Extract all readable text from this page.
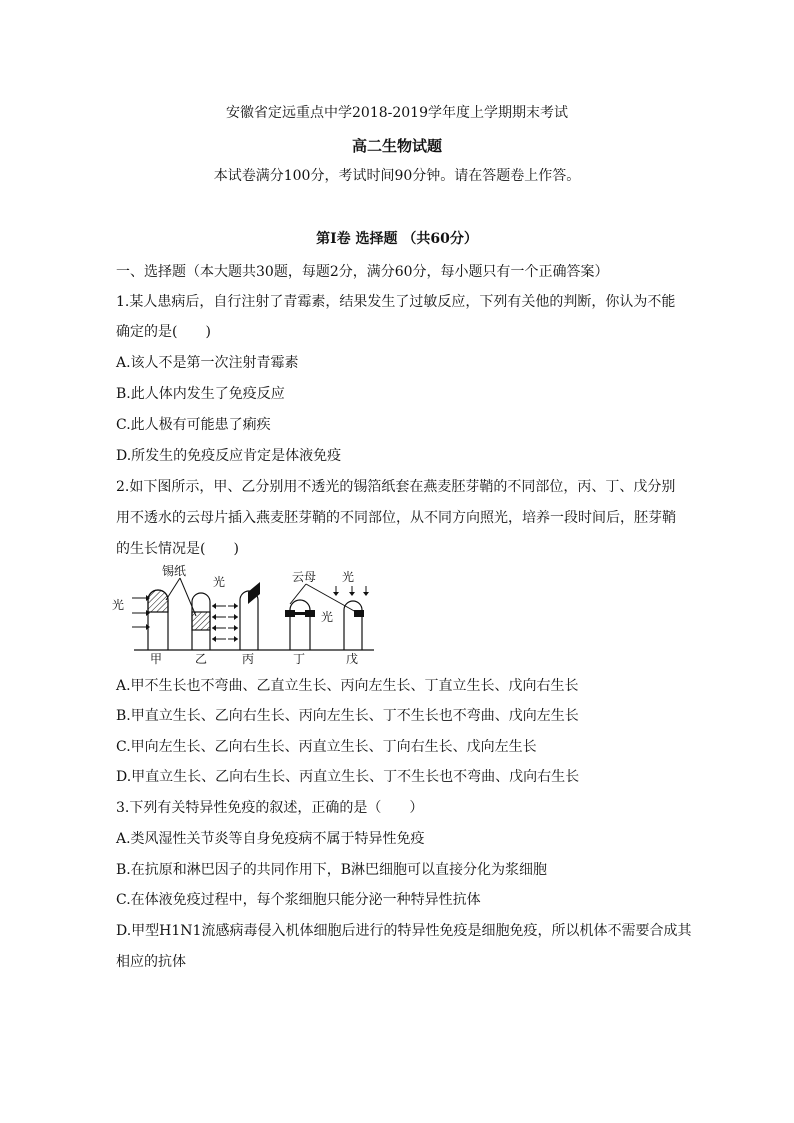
安徽省定远重点中学2018-2019学年度上学期期末考试
高二生物试题
本试卷满分100分，考试时间90分钟。请在答题卷上作答。
第I卷 选择题 （共60分）
一、选择题（本大题共30题，每题2分，满分60分，每小题只有一个正确答案）
1.某人患病后，自行注射了青霉素，结果发生了过敏反应，下列有关他的判断，你认为不能
确定的是(　　)
A.该人不是第一次注射青霉素
B.此人体内发生了免疫反应
C.此人极有可能患了痢疾
D.所发生的免疫反应肯定是体液免疫
2.如下图所示，甲、乙分别用不透光的锡箔纸套在燕麦胚芽鞘的不同部位，丙、丁、戊分别
用不透水的云母片插入燕麦胚芽鞘的不同部位，从不同方向照光，培养一段时间后，胚芽鞘
的生长情况是(　　)
光
甲
锡纸
光
乙	丙
云母
光
丁
光
戊
A.甲不生长也不弯曲、乙直立生长、丙向左生长、丁直立生长、戊向右生长
B.甲直立生长、乙向右生长、丙向左生长、丁不生长也不弯曲、戊向左生长
C.甲向左生长、乙向右生长、丙直立生长、丁向右生长、戊向左生长
D.甲直立生长、乙向右生长、丙直立生长、丁不生长也不弯曲、戊向右生长
3.下列有关特异性免疫的叙述，正确的是（　　）
A.类风湿性关节炎等自身免疫病不属于特异性免疫
B.在抗原和淋巴因子的共同作用下，B淋巴细胞可以直接分化为浆细胞
C.在体液免疫过程中，每个浆细胞只能分泌一种特异性抗体
D.甲型H1N1流感病毒侵入机体细胞后进行的特异性免疫是细胞免疫，所以机体不需要合成其
相应的抗体
